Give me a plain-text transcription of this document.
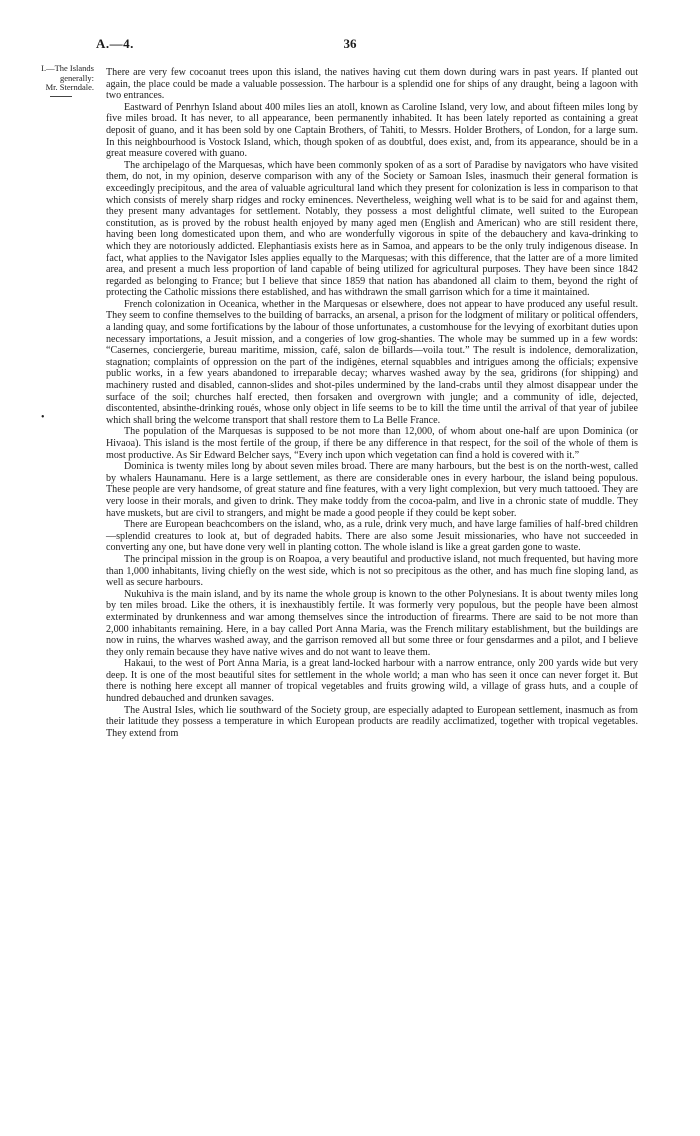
A.—4.	36
I.—The Islands
generally:
Mr. Sterndale.
•

There are very few cocoanut trees upon this island, the natives having cut them down during wars in past years. If planted out again, the place could be made a valuable possession. The harbour is a splendid one for ships of any draught, being a lagoon with two entrances.

Eastward of Penrhyn Island about 400 miles lies an atoll, known as Caroline Island, very low, and about fifteen miles long by five miles broad. It has never, to all appearance, been permanently inhabited. It has been lately reported as containing a great deposit of guano, and it has been sold by one Captain Brothers, of Tahiti, to Messrs. Holder Brothers, of London, for a large sum. In this neighbourhood is Vostock Island, which, though spoken of as doubtful, does exist, and, from its appearance, should be in a great measure covered with guano.

The archipelago of the Marquesas, which have been commonly spoken of as a sort of Paradise by navigators who have visited them, do not, in my opinion, deserve comparison with any of the Society or Samoan Isles, inasmuch their general formation is exceedingly precipitous, and the area of valuable agricultural land which they present for colonization is less in comparison to that which consists of merely sharp ridges and rocky eminences. Nevertheless, weighing well what is to be said for and against them, they present many advantages for settlement. Notably, they possess a most delightful climate, well suited to the European constitution, as is proved by the robust health enjoyed by many aged men (English and American) who are still resident there, having been long domesticated upon them, and who are wonderfully vigorous in spite of the debauchery and kava-drinking to which they are notoriously addicted. Elephantiasis exists here as in Samoa, and appears to be the only truly indigenous disease. In fact, what applies to the Navigator Isles applies equally to the Marquesas; with this difference, that the latter are of a more limited area, and present a much less proportion of land capable of being utilized for agricultural purposes. They have been since 1842 regarded as belonging to France; but I believe that since 1859 that nation has abandoned all claim to them, beyond the right of protecting the Catholic missions there established, and has withdrawn the small garrison which for a time it maintained.

French colonization in Oceanica, whether in the Marquesas or elsewhere, does not appear to have produced any useful result. They seem to confine themselves to the building of barracks, an arsenal, a prison for the lodgment of military or political offenders, a landing quay, and some fortifications by the labour of those unfortunates, a customhouse for the levying of exorbitant duties upon necessary importations, a Jesuit mission, and a congeries of low grog-shanties. The whole may be summed up in a few words: “Casernes, conciergerie, bureau maritime, mission, café, salon de billards—voila tout.” The result is indolence, demoralization, stagnation; complaints of oppression on the part of the indigènes, eternal squabbles and intrigues among the officials; expensive public works, in a few years abandoned to irreparable decay; wharves washed away by the sea, gridirons (for shipping) and machinery rusted and disabled, cannon-slides and shot-piles undermined by the land-crabs until they almost disappear under the surface of the soil; churches half erected, then forsaken and overgrown with jungle; and a community of idle, dejected, discontented, absinthe-drinking roués, whose only object in life seems to be to kill the time until the arrival of that year of jubilee which shall bring the welcome transport that shall restore them to La Belle France.

The population of the Marquesas is supposed to be not more than 12,000, of whom about one-half are upon Dominica (or Hivaoa). This island is the most fertile of the group, if there be any difference in that respect, for the soil of the whole of them is most productive. As Sir Edward Belcher says, “Every inch upon which vegetation can find a hold is covered with it.”

Dominica is twenty miles long by about seven miles broad. There are many harbours, but the best is on the north-west, called by whalers Haunamanu. Here is a large settlement, as there are considerable ones in every harbour, the island being populous. These people are very handsome, of great stature and fine features, with a very light complexion, but very much tattooed. They are very loose in their morals, and given to drink. They make toddy from the cocoa-palm, and live in a chronic state of muddle. They have muskets, but are civil to strangers, and might be made a good people if they could be kept sober.

There are European beachcombers on the island, who, as a rule, drink very much, and have large families of half-bred children—splendid creatures to look at, but of degraded habits. There are also some Jesuit missionaries, who have not succeeded in converting any one, but have done very well in planting cotton. The whole island is like a great garden gone to waste.

The principal mission in the group is on Roapoa, a very beautiful and productive island, not much frequented, but having more than 1,000 inhabitants, living chiefly on the west side, which is not so precipitous as the other, and has much fine sloping land, as well as secure harbours.

Nukuhiva is the main island, and by its name the whole group is known to the other Polynesians. It is about twenty miles long by ten miles broad. Like the others, it is inexhaustibly fertile. It was formerly very populous, but the people have been almost exterminated by drunkenness and war among themselves since the introduction of firearms. There are said to be not more than 2,000 inhabitants remaining. Here, in a bay called Port Anna Maria, was the French military establishment, but the buildings are now in ruins, the wharves washed away, and the garrison removed all but some three or four gensdarmes and a pilot, and I believe they only remain because they have native wives and do not want to leave them.

Hakaui, to the west of Port Anna Maria, is a great land-locked harbour with a narrow entrance, only 200 yards wide but very deep. It is one of the most beautiful sites for settlement in the whole world; a man who has seen it once can never forget it. But there is nothing here except all manner of tropical vegetables and fruits growing wild, a village of grass huts, and a couple of hundred debauched and drunken savages.

The Austral Isles, which lie southward of the Society group, are especially adapted to European settlement, inasmuch as from their latitude they possess a temperature in which European products are readily acclimatized, together with tropical vegetables. They extend from
